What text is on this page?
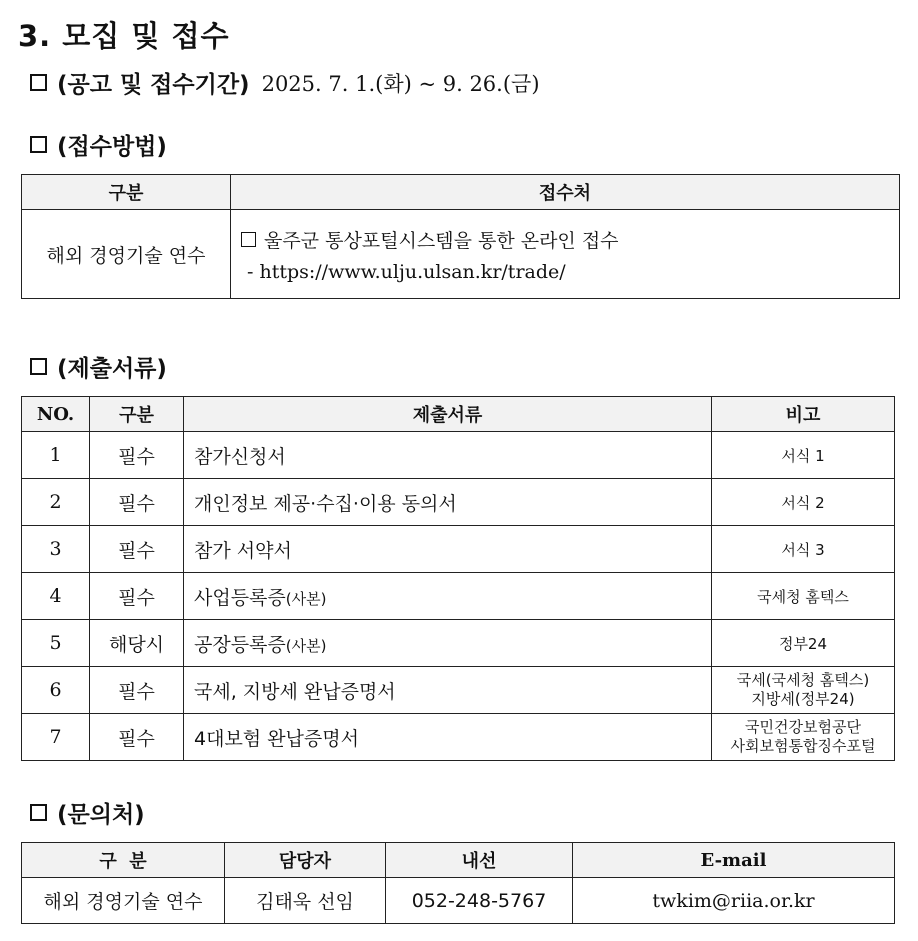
3. 모집 및 접수
(공고 및 접수기간) 2025. 7. 1.(화) ~ 9. 26.(금)
(접수방법)
구분	접수처
해외 경영기술 연수	울주군 통상포털시스템을 통한 온라인 접수
- https://www.ulju.ulsan.kr/trade/
(제출서류)
NO.	구분	제출서류	비고
1	필수	참가신청서	서식 1
2	필수	개인정보 제공·수집·이용 동의서	서식 2
3	필수	참가 서약서	서식 3
4	필수	사업등록증(사본)	국세청 홈텍스
5	해당시	공장등록증(사본)	정부24
6	필수	국세, 지방세 완납증명서	국세(국세청 홈텍스)
지방세(정부24)

7	필수	4대보험 완납증명서	국민건강보험공단
사회보험통합징수포털
(문의처)
구  분	담당자	내선	E-mail
해외 경영기술 연수	김태욱 선임	052-248-5767	twkim@riia.or.kr
